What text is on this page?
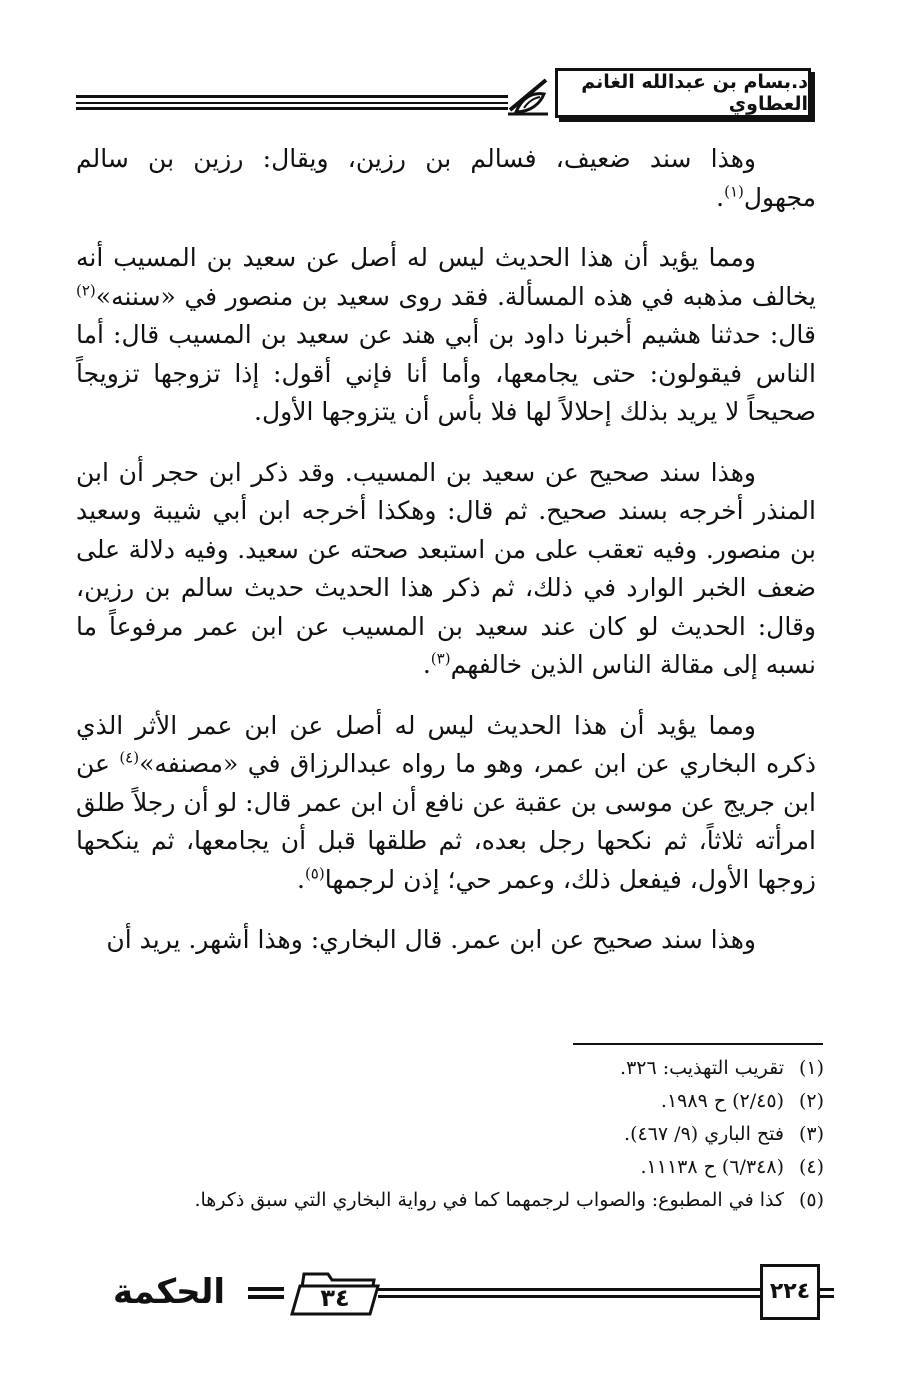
د.بسام بن عبدالله الغانم العطاوي

وهذا سند ضعيف، فسالم بن رزين، ويقال: رزين بن سالم مجهول$^{(١)}$.

ومما يؤيد أن هذا الحديث ليس له أصل عن سعيد بن المسيب أنه يخالف مذهبه في هذه المسألة. فقد روى سعيد بن منصور في «سننه»$^{(٢)}$ قال: حدثنا هشيم أخبرنا داود بن أبي هند عن سعيد بن المسيب قال: أما الناس فيقولون: حتى يجامعها، وأما أنا فإني أقول: إذا تزوجها تزويجاً صحيحاً لا يريد بذلك إحلالاً لها فلا بأس أن يتزوجها الأول.

وهذا سند صحيح عن سعيد بن المسيب. وقد ذكر ابن حجر أن ابن المنذر أخرجه بسند صحيح. ثم قال: وهكذا أخرجه ابن أبي شيبة وسعيد بن منصور. وفيه تعقب على من استبعد صحته عن سعيد. وفيه دلالة على ضعف الخبر الوارد في ذلك، ثم ذكر هذا الحديث حديث سالم بن رزين، وقال: الحديث لو كان عند سعيد بن المسيب عن ابن عمر مرفوعاً ما نسبه إلى مقالة الناس الذين خالفهم$^{(٣)}$.

ومما يؤيد أن هذا الحديث ليس له أصل عن ابن عمر الأثر الذي ذكره البخاري عن ابن عمر، وهو ما رواه عبدالرزاق في «مصنفه»$^{(٤)}$ عن ابن جريج عن موسى بن عقبة عن نافع أن ابن عمر قال: لو أن رجلاً طلق امرأته ثلاثاً، ثم نكحها رجل بعده، ثم طلقها قبل أن يجامعها، ثم ينكحها زوجها الأول، فيفعل ذلك، وعمر حي؛ إذن لرجمها$^{(٥)}$.

وهذا سند صحيح عن ابن عمر. قال البخاري: وهذا أشهر. يريد أن

(١)تقريب التهذيب: ٣٢٦.
(٢)(٢/٤٥) ح ١٩٨٩.
(٣)فتح الباري (٩/ ٤٦٧).
(٤)(٦/٣٤٨) ح ١١١٣٨.
(٥)كذا في المطبوع: والصواب لرجمهما كما في رواية البخاري التي سبق ذكرها.
الحكمة	٣٤	٢٢٤
